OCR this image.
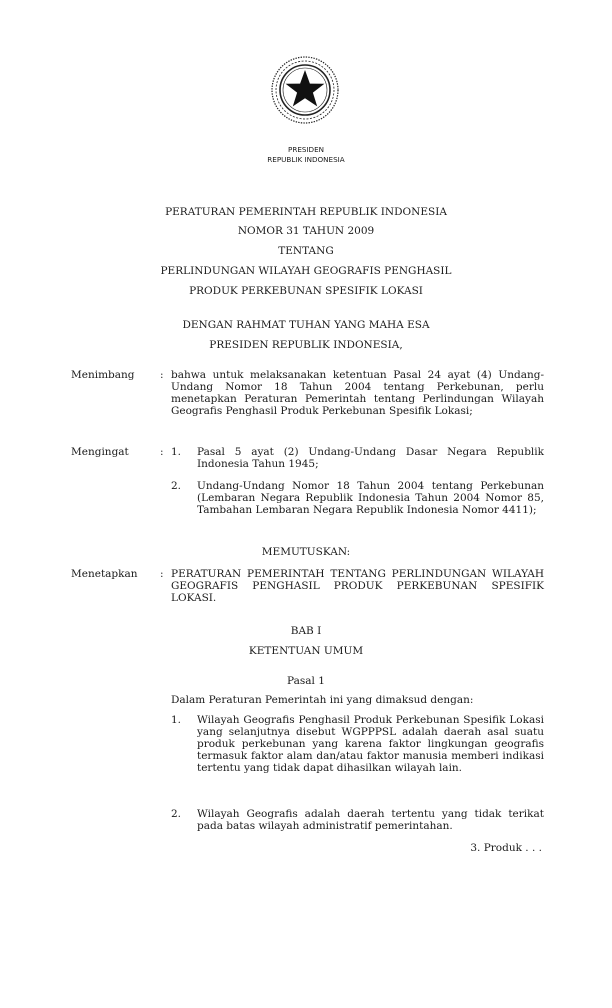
PRESIDEN
REPUBLIK INDONESIA
PERATURAN PEMERINTAH REPUBLIK INDONESIA
NOMOR 31 TAHUN 2009
TENTANG
PERLINDUNGAN WILAYAH GEOGRAFIS PENGHASIL
PRODUK PERKEBUNAN SPESIFIK LOKASI
DENGAN RAHMAT TUHAN YANG MAHA ESA
PRESIDEN REPUBLIK INDONESIA,
Menimbang : bahwa untuk melaksanakan ketentuan Pasal 24 ayat (4) Undang-Undang Nomor 18 Tahun 2004 tentang Perkebunan, perlu menetapkan Peraturan Pemerintah tentang Perlindungan Wilayah Geografis Penghasil Produk Perkebunan Spesifik Lokasi;
Mengingat	: 1. Pasal 5 ayat (2) Undang-Undang Dasar Negara Republik Indonesia Tahun 1945;
2. Undang-Undang Nomor 18 Tahun 2004 tentang Perkebunan (Lembaran Negara Republik Indonesia Tahun 2004 Nomor 85, Tambahan Lembaran Negara Republik Indonesia Nomor 4411);
MEMUTUSKAN:
Menetapkan : PERATURAN PEMERINTAH TENTANG PERLINDUNGAN WILAYAH GEOGRAFIS PENGHASIL PRODUK PERKEBUNAN SPESIFIK LOKASI.
BAB I
KETENTUAN UMUM
Pasal 1
Dalam Peraturan Pemerintah ini yang dimaksud dengan:
1. Wilayah Geografis Penghasil Produk Perkebunan Spesifik Lokasi yang selanjutnya disebut WGPPPSL adalah daerah asal suatu produk perkebunan yang karena faktor lingkungan geografis termasuk faktor alam dan/atau faktor manusia memberi indikasi tertentu yang tidak dapat dihasilkan wilayah lain.
2. Wilayah Geografis adalah daerah tertentu yang tidak terikat pada batas wilayah administratif pemerintahan.
3. Produk . . .
